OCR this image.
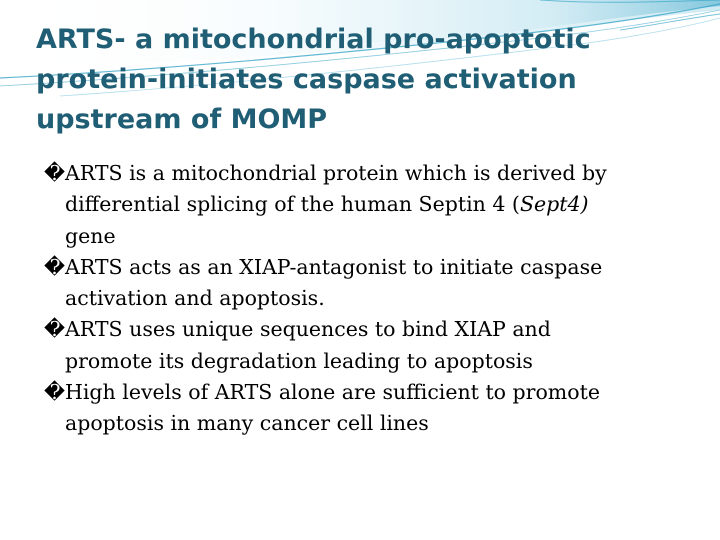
ARTS- a mitochondrial pro-apoptotic
protein-initiates caspase activation
upstream of MOMP
�ARTS is a mitochondrial protein which is derived by
differential splicing of the human Septin 4 (Sept4)
gene
�ARTS acts as an XIAP-antagonist to initiate caspase
activation and apoptosis.
�ARTS uses unique sequences to bind XIAP and
promote its degradation leading to apoptosis
�High levels of ARTS alone are sufficient to promote
apoptosis in many cancer cell lines
